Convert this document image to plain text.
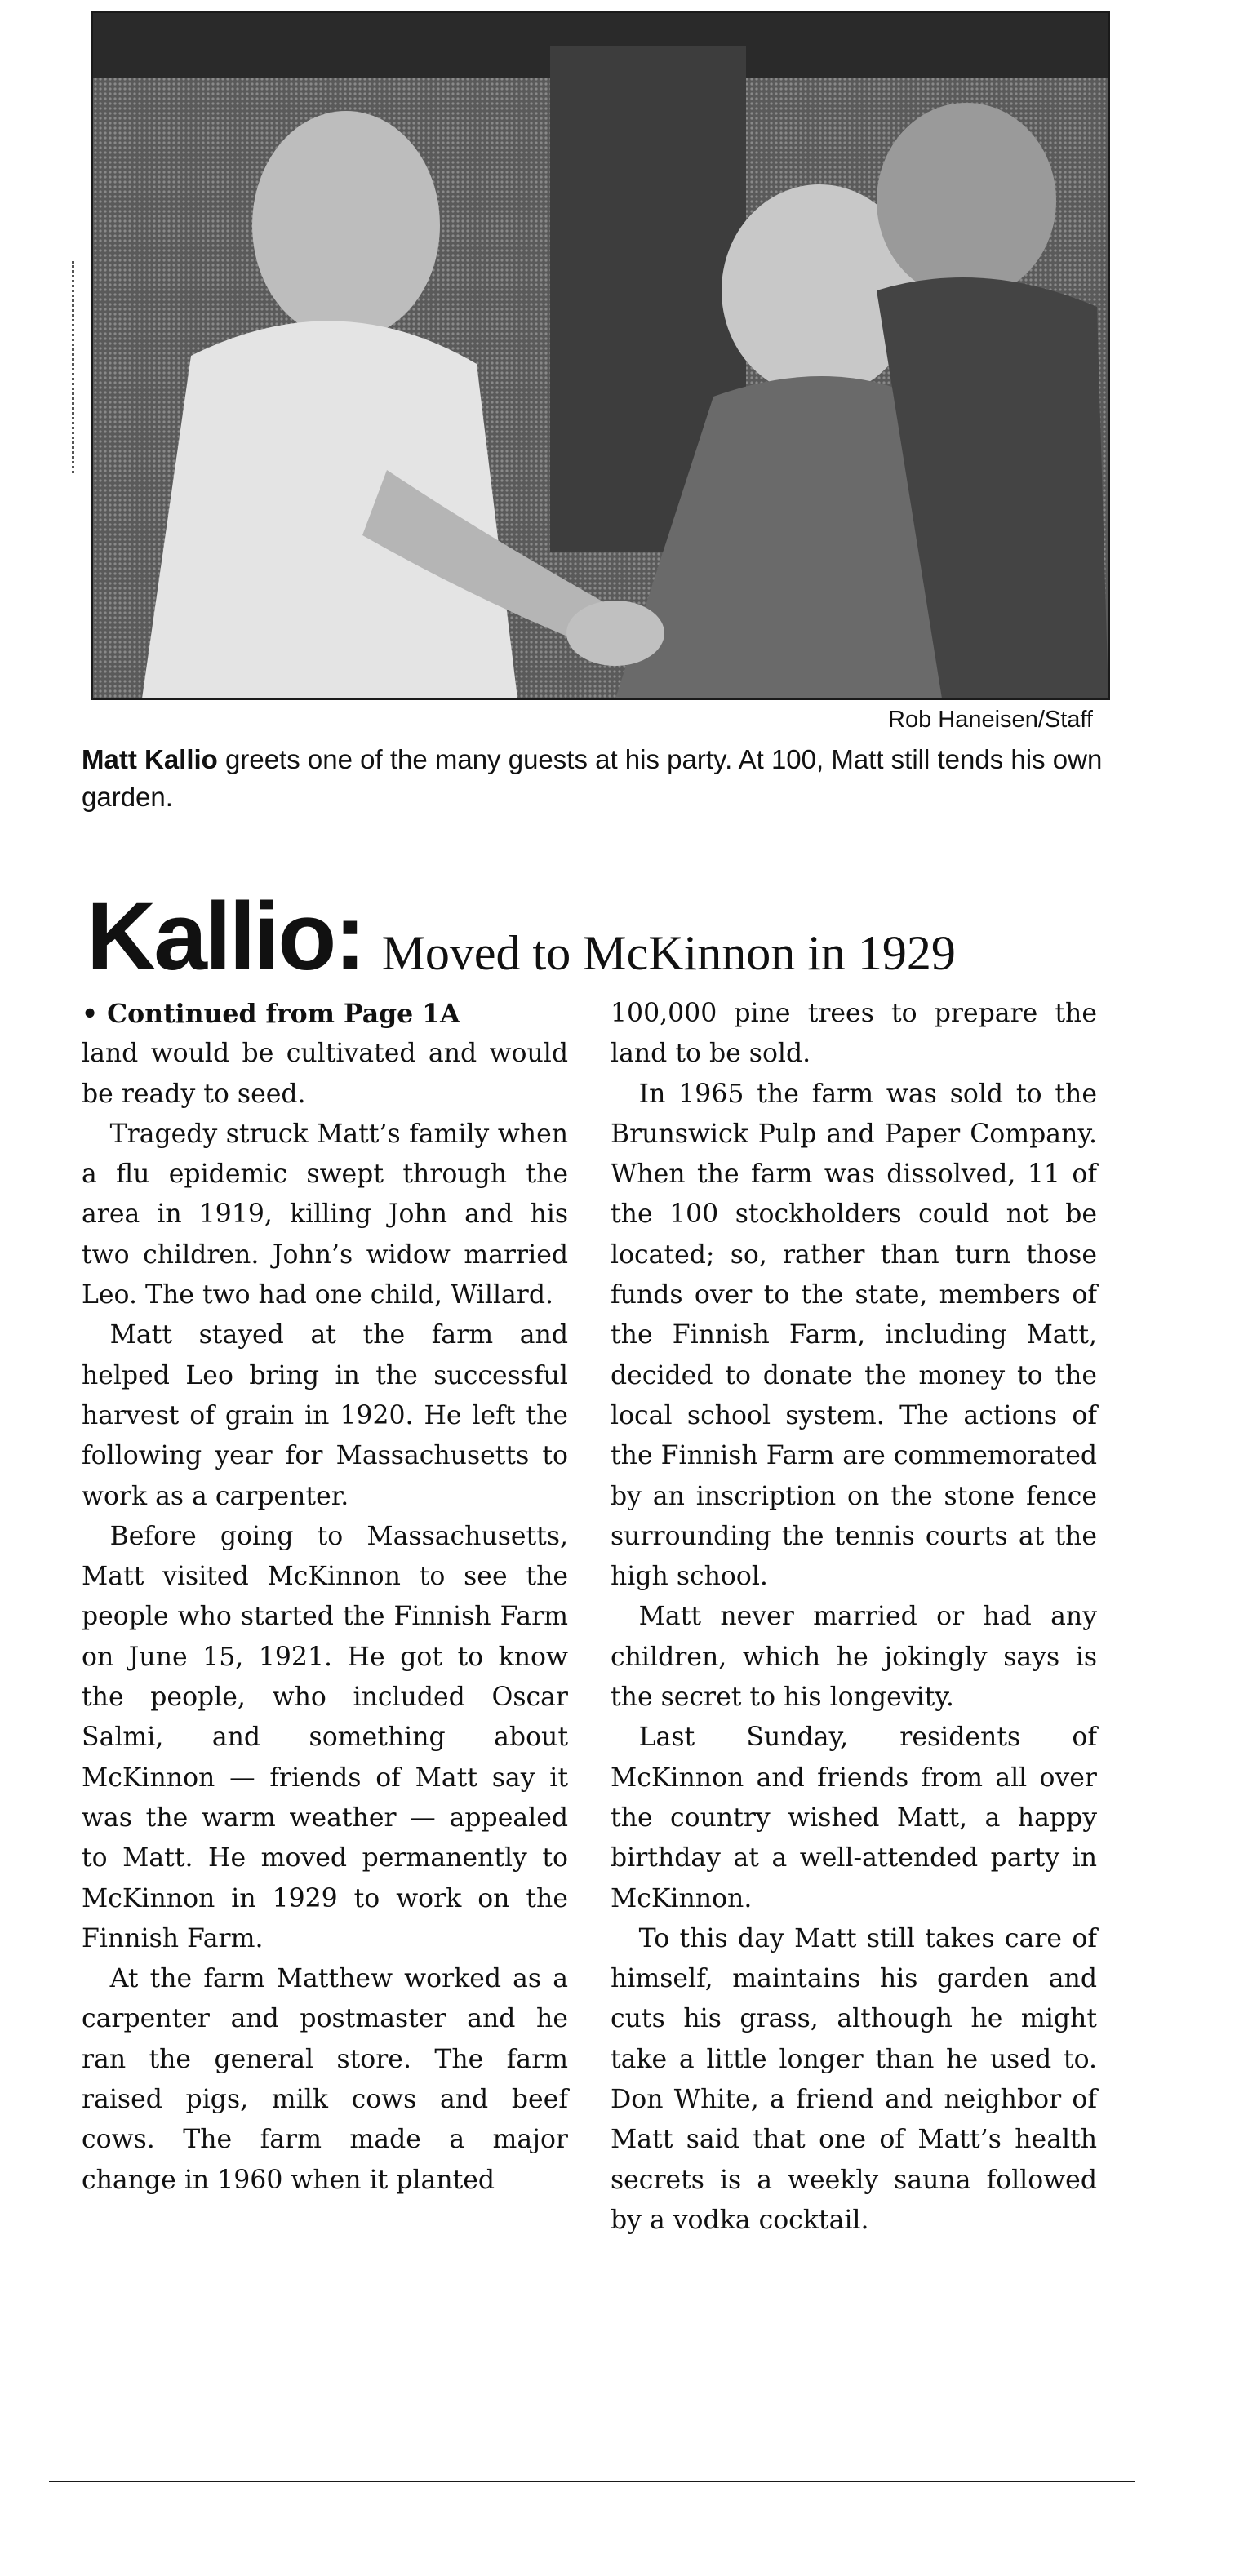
Rob Haneisen/Staff
Matt Kallio greets one of the many guests at his party. At 100, Matt still tends his own garden.
Kallio: Moved to McKinnon in 1929

• Continued from Page 1A

land would be cultivated and would be ready to seed.

Tragedy struck Matt’s family when a flu epidemic swept through the area in 1919, killing John and his two children. John’s widow married Leo. The two had one child, Willard.

Matt stayed at the farm and helped Leo bring in the successful harvest of grain in 1920. He left the following year for Massachusetts to work as a carpenter.

Before going to Massachusetts, Matt visited McKinnon to see the people who started the Finnish Farm on June 15, 1921. He got to know the people, who included Oscar Salmi, and something about McKinnon — friends of Matt say it was the warm weather — appealed to Matt. He moved permanently to McKinnon in 1929 to work on the Finnish Farm.

At the farm Matthew worked as a carpenter and postmaster and he ran the general store. The farm raised pigs, milk cows and beef cows. The farm made a major change in 1960 when it planted

100,000 pine trees to prepare the land to be sold.

In 1965 the farm was sold to the Brunswick Pulp and Paper Company. When the farm was dissolved, 11 of the 100 stockholders could not be located; so, rather than turn those funds over to the state, members of the Finnish Farm, including Matt, decided to donate the money to the local school system. The actions of the Finnish Farm are commemorated by an inscription on the stone fence surrounding the tennis courts at the high school.

Matt never married or had any children, which he jokingly says is the secret to his longevity.

Last Sunday, residents of McKinnon and friends from all over the country wished Matt, a happy birthday at a well-attended party in McKinnon.

To this day Matt still takes care of himself, maintains his garden and cuts his grass, although he might take a little longer than he used to. Don White, a friend and neighbor of Matt said that one of Matt’s health secrets is a weekly sauna followed by a vodka cocktail.
